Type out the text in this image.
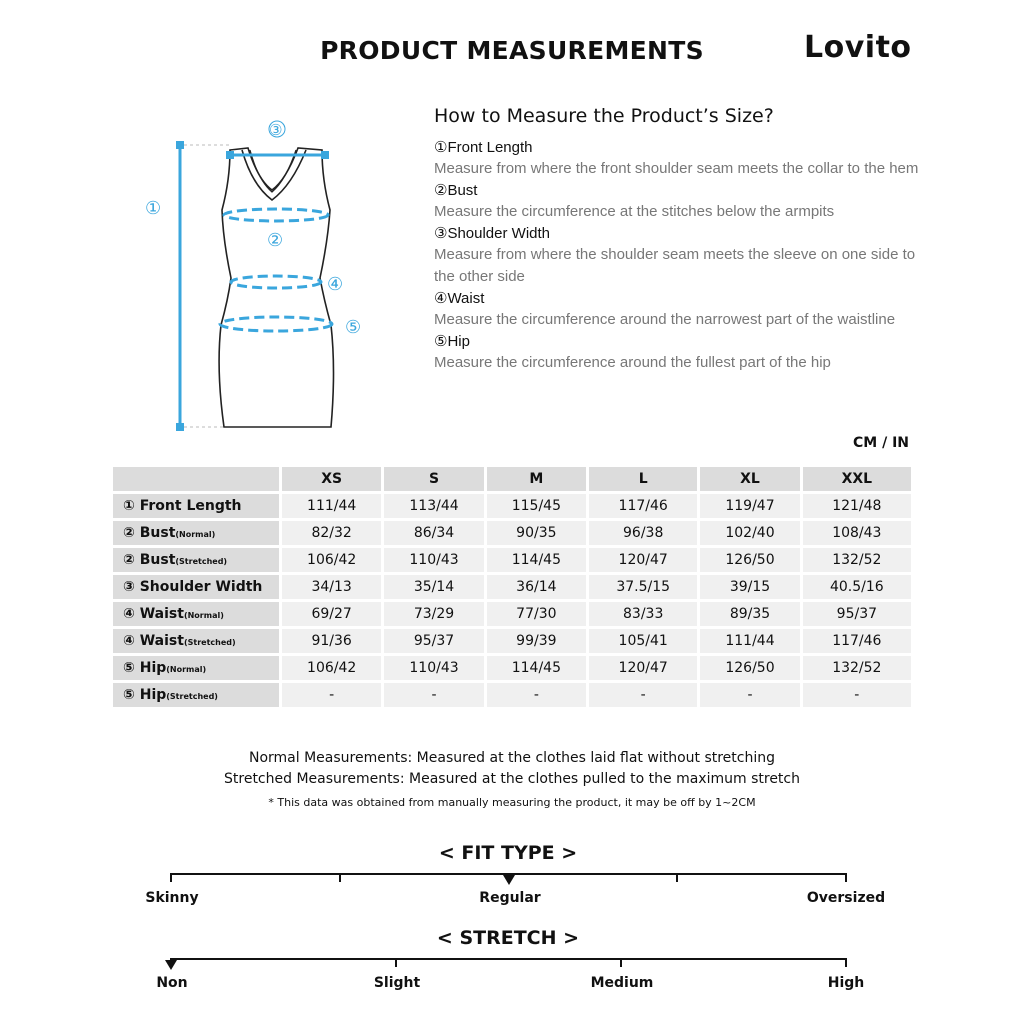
PRODUCT MEASUREMENTS	Lovito
①
③
②
④
⑤
How to Measure the Product’s Size?
①Front Length
Measure from where the front shoulder seam meets the collar to the hem
②Bust
Measure the circumference at the stitches below the armpits
③Shoulder Width
Measure from where the shoulder seam meets the sleeve on one side to the other side
④Waist
Measure the circumference around the narrowest part of the waistline
⑤Hip
Measure the circumference around the fullest part of the hip
CM / IN
	XS	S	M	L	XL	XXL
① Front Length	111/44	113/44	115/45	117/46	119/47	121/48
② Bust(Normal)	82/32	86/34	90/35	96/38	102/40	108/43
② Bust(Stretched)	106/42	110/43	114/45	120/47	126/50	132/52
③ Shoulder Width	34/13	35/14	36/14	37.5/15	39/15	40.5/16
④ Waist(Normal)	69/27	73/29	77/30	83/33	89/35	95/37
④ Waist(Stretched)	91/36	95/37	99/39	105/41	111/44	117/46
⑤ Hip(Normal)	106/42	110/43	114/45	120/47	126/50	132/52
⑤ Hip(Stretched)	-	-	-	-	-	-
Normal Measurements: Measured at the clothes laid flat without stretching
Stretched Measurements: Measured at the clothes pulled to the maximum stretch
* This data was obtained from manually measuring the product, it may be off by 1~2CM
< FIT TYPE >
Skinny	Regular	Oversized
< STRETCH >
Non	Slight	Medium	High
